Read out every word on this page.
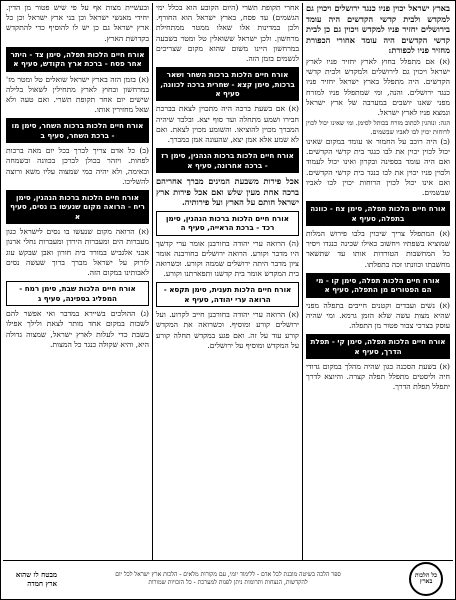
בארץ ישראל יכוין פניו כנגד ירושלים ויכוין גם למקדש ולבית קדשי הקדשים היה עומד בירושלים יחזיר פניו למקדש ויכוין גם כן לבית קדשי הקדשים היה עומד אחורי הכפורת מחזיר פניו לכפורת:
(א) אם מתפלל בחוץ לארץ יחזיר פניו לארץ ישראל ויכוין גם לירושלים ולמקדש ולבית קדשי הקדשים. היה מתפלל בארץ ישראל יחזיר פניו כנגד ירושלים. והנה, ומי שמתפלל פניו למזרח מפני שאנו יושבים במערבה של ארץ ישראל ונמצא פניו לארץ ישראל.
הגה: ונוהגין לכתוב מזרח בכותל לסימן. ומי שאינו יכול לכוין לרוחות יכוין לבו לאביו שבשמים.
(ב) היה רוכב על החמור או עומד במקום שאינו יכול לכוין יכוין את לבו כנגד בית קדשי הקדשים. ואם היה עומד בספינה ובקרון ואינו יכול לעמוד ולכוין פניו יכוין את לבו כנגד בית קדשי הקדשים. ואם אינו יכול לכוין הרוחות יכוין לבו לאביו שבשמים.
אורח חיים הלכות תפלה, סימן צח - כוונה בתפלה, סעיף א
(א) המתפלל צריך שיכוין בלבו פירוש המלות שמוציא בשפתיו ויחשוב כאילו שכינה כנגדו ויסיר כל המחשבות הטורדות אותו עד שתשאר מחשבתו וכוונתו זכה בתפלתו.
אורח חיים הלכות תפלה, סימן קו - מי הם הפטורים מן התפלה, סעיף א
(א) נשים ועבדים וקטנים חייבים בתפלה מפני שהיא מצות עשה שלא הזמן גרמא. ומי שהיה עוסק בצרכי צבור פטור מן התפלה.
אורח חיים הלכות תפלה, סימן קי - תפלת הדרך, סעיף א
(א) בשעת הסכנה כגון שהיה מהלך במקום גדודי חיה וליסטים מתפלל תפלה קצרה. והיוצא לדרך יתפלל תפלת הדרך.
אחרי תקופת תשרי (היום הקובע הוא בכלל ימי הגשמים) עד פסח, בארץ ישראל הוא החורף. ולכן במדינות אלו שאלו ממטר ממתחילת מרחשון. ולכן ישראל ששואלין טל ומטר בשבעה במרחשון היינו משום שהוא מקום שצריכים לגשמים בזמן הזה.
אורח חיים הלכות ברכות השחר ושאר ברכות, סימן קצא - שחרית ברכה לכוונה, סעיף א
(א) אם בשעת ברכה היה מתכוין לצאת בברכת חבירו ושמע מתחלה ועד סוף יצא. ובלבד שיהיה המברך מכוין להוציאו. והשומע מכוין לצאת. ואם לא שמע אלא אמן יצא, שהעונה אמן כמברך.
אורח חיים הלכות ברכות הנהנין, סימן רז - ברכה אחרונה, סעיף א
אכל פירות משבעת המינים מברך אחריהם ברכה אחת מעין שלש ואם אכל פירות ארץ ישראל חותם על הארץ ועל פירותיה.
אורח חיים הלכות ברכות הנהנין, סימן רכד - ברכת הראייה, סעיף ה
(ה) הרואה ערי יהודה בחורבנן אומר ערי קדשך היו מדבר וקורע. הרואה ירושלים בחורבנה אומר ציון מדבר היתה ירושלים שממה וקורע. וכשרואה בית המקדש אומר בית קדשנו ותפארתנו וקורע.
אורח חיים הלכות תענית, סימן תקסא - הרואה ערי יהודה, סעיף א
(א) הרואה ערי יהודה בחורבנן חייב לקרוע. ועל ירושלים קורע ומוסיף. וכשרואה את המקדש קורע עוד על זה. ואם פגע במקדש תחלה קורע על המקדש ומוסיף על ירושלים.
ובעשיית מצות אף על פי שיש פטור מן הדין. יחידי מאנשי ישראל וכן בני ארץ ישראל וכן כל ארץ ישראל גם כן יש לו להוסיף כדי להתקדש בקדושת הארץ.
אורח חיים הלכות תפלה, סימן צד - היתר אחר פסח - ברכת ארץ הקודש, סעיף א
(א) בזמן הזה בארץ ישראל שואלים טל ומטר מז' במרחשון ובחוץ לארץ מתחילין לשאול בלילה שישים יום אחר תקופת תשרי. ואם טעה ולא שאל מחזירין אותו.
אורח חיים הלכות ברכות השחר, סימן מו - ברכת השחר, סעיף ב
(ב) כל אדם צריך לברך בכל יום מאה ברכות לפחות. ויזהר בכולן לברכן בכוונה ובשמחה ובאימה, ולא יהיה כמי שמצוה עליו משא ורוצה להשליכו.
אורח חיים הלכות ברכות הנהנין, סימן ריח - הרואה מקום שנעשו בו נסים, סעיף א
(א) הרואה מקום שנעשו בו נסים לישראל כגון מעברות הים ומעברות הירדן ומעברות נחלי ארנון אבני אלגביש במורד בית חורון ואבן שבקש עוג לזרוק על ישראל מברך ברוך שעשה נסים לאבותינו במקום הזה.
אורח חיים הלכות שבת, סימן רמח - המפליג בספינה, סעיף ג
(ג) ההולכים בשיירא במדבר ואי אפשר להם לשבות במקום אחד מותר לצאת ולילך אפילו בשבת כדי לעלות לארץ ישראל, שמצוה גדולה היא, והיא שקולה כנגד כל המצות.
כל הלכות בארץ
ספר הלכה בשיטה מובנת לכל אדם - ללימוד יומי, עם מקורות מלאים - הלכות ארץ ישראל לכל יום
להקדשות, הנצחות ותרומות ניתן לפנות למערכת - כל הזכויות שמורות
מבטח לו שהוא ארץ חמדה
